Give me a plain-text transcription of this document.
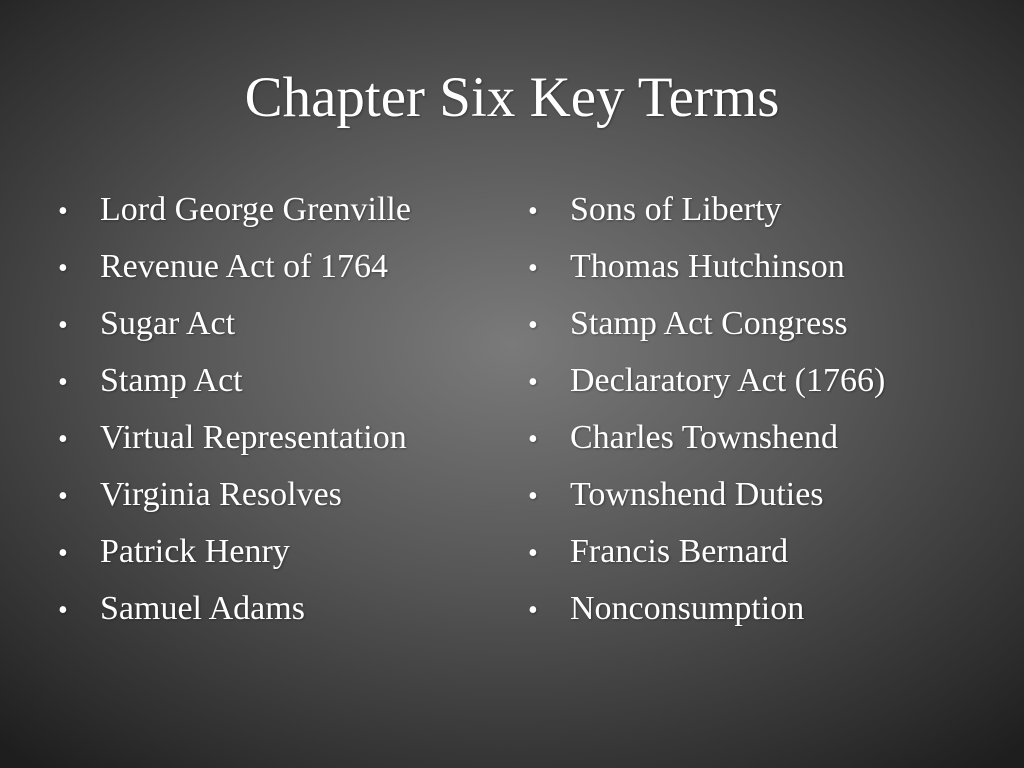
Chapter Six Key Terms
• Lord George Grenville
• Revenue Act of 1764
• Sugar Act
• Stamp Act
• Virtual Representation
• Virginia Resolves
• Patrick Henry
• Samuel Adams
• Sons of Liberty
• Thomas Hutchinson
• Stamp Act Congress
• Declaratory Act (1766)
• Charles Townshend
• Townshend Duties
• Francis Bernard
• Nonconsumption
